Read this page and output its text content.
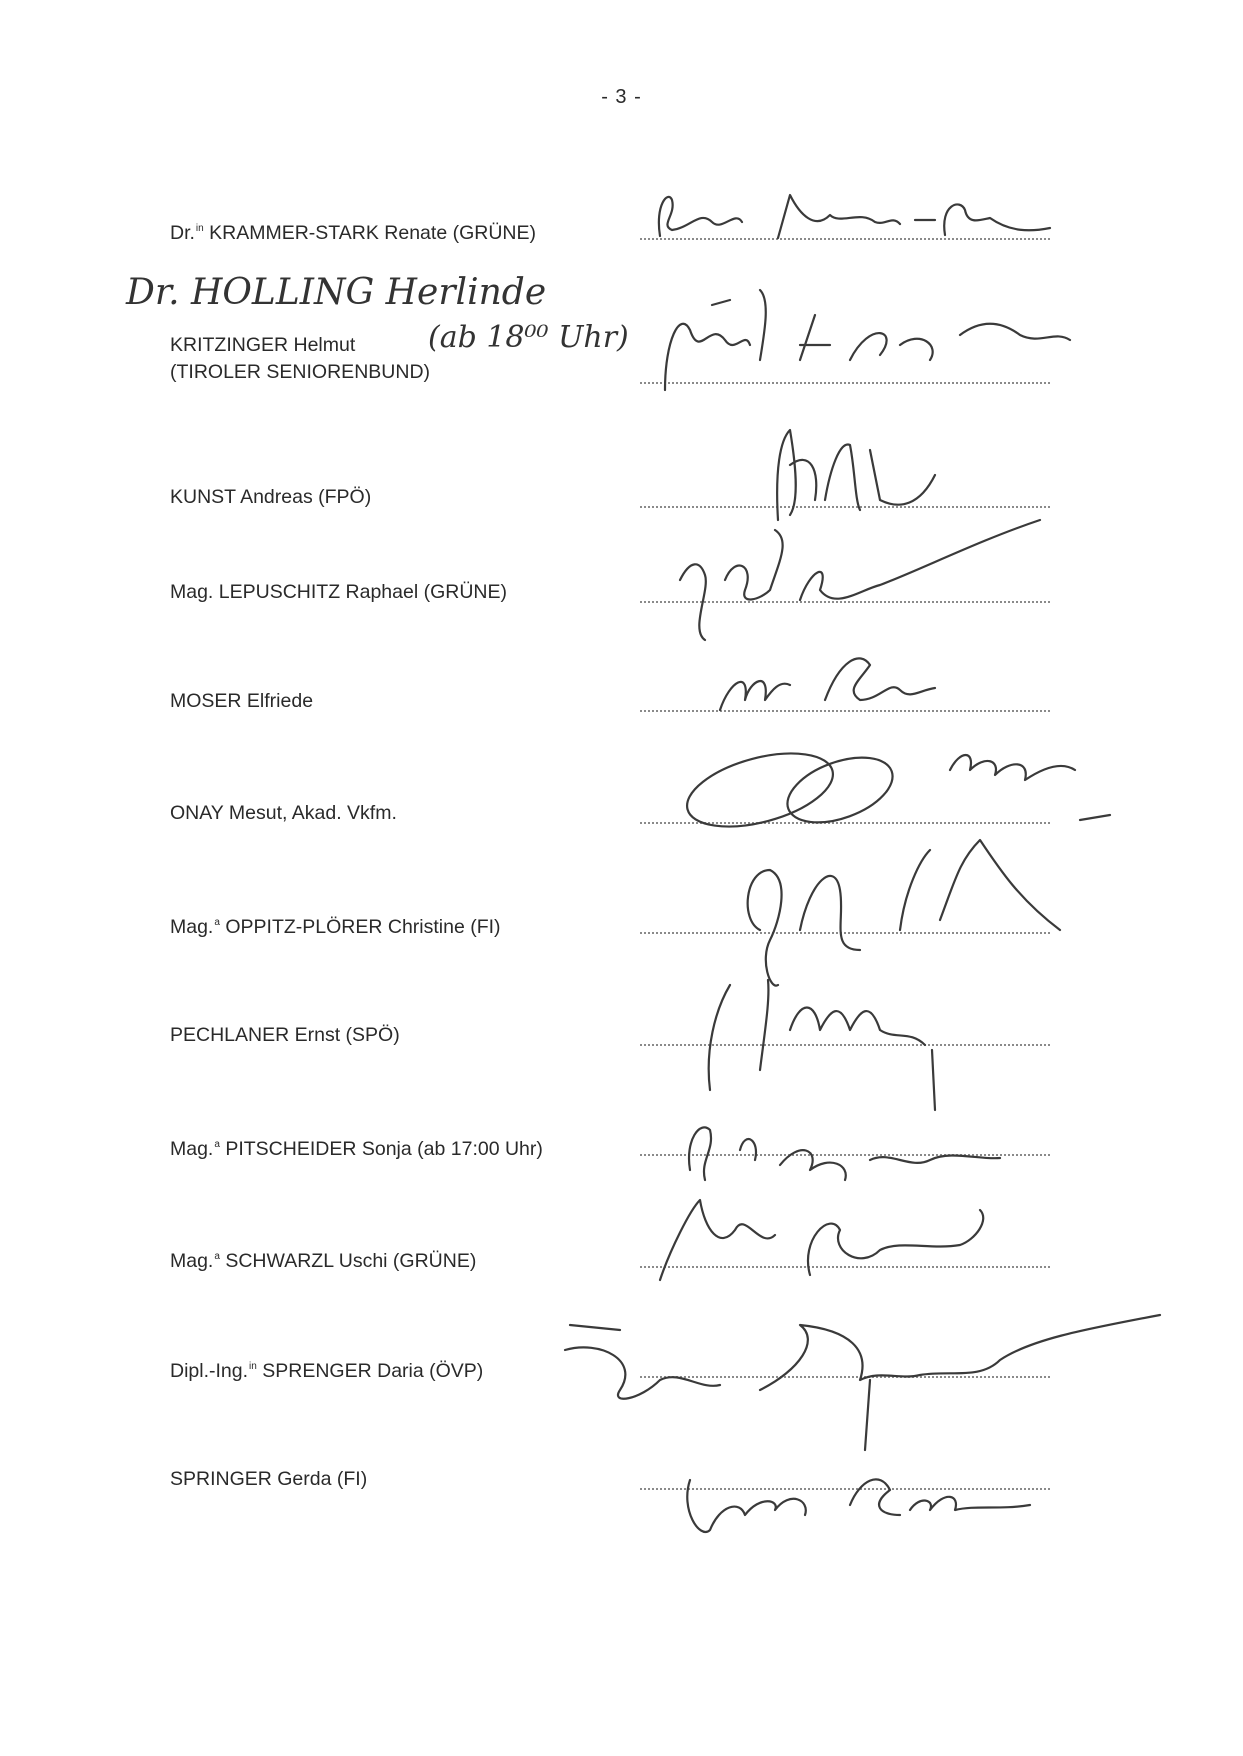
- 3 -
Dr.$^{in}$ KRAMMER-STARK Renate (GRÜNE)
Dr. HOLLING Herlinde
KRITZINGER Helmut (ab 18⁰⁰ Uhr)
(TIROLER SENIORENBUND)
KUNST Andreas (FPÖ)
Mag. LEPUSCHITZ Raphael (GRÜNE)
MOSER Elfriede
ONAY Mesut, Akad. Vkfm.
Mag.$^a$ OPPITZ-PLÖRER Christine (FI)
PECHLANER Ernst (SPÖ)
Mag.$^a$ PITSCHEIDER Sonja (ab 17:00 Uhr)
Mag.$^a$ SCHWARZL Uschi (GRÜNE)
Dipl.-Ing.$^{in}$ SPRENGER Daria (ÖVP)
SPRINGER Gerda (FI)
